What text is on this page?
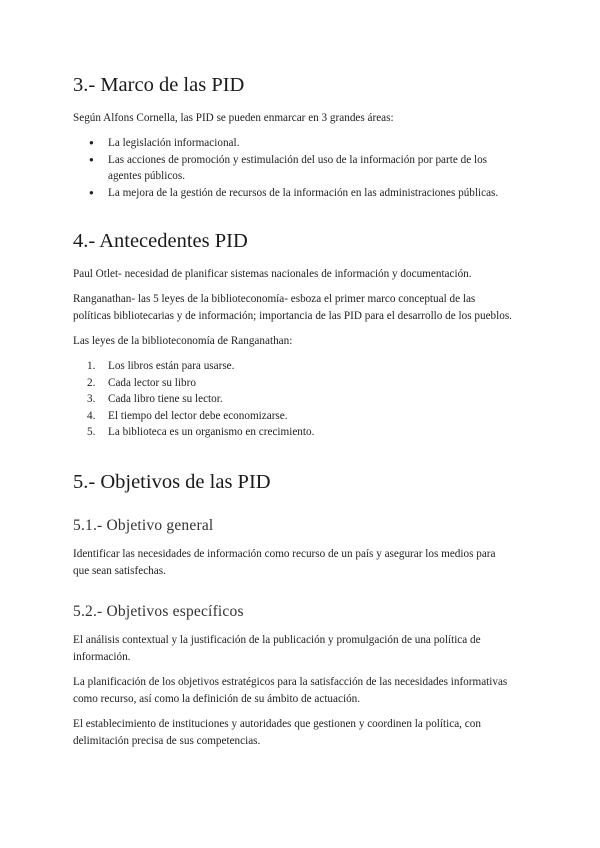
3.- Marco de las PID

Según Alfons Cornella, las PID se pueden enmarcar en 3 grandes áreas:

● La legislación informacional.
● Las acciones de promoción y estimulación del uso de la información por parte de los agentes públicos.
● La mejora de la gestión de recursos de la información en las administraciones públicas.
4.- Antecedentes PID

Paul Otlet- necesidad de planificar sistemas nacionales de información y documentación.

Ranganathan- las 5 leyes de la biblioteconomía- esboza el primer marco conceptual de las políticas bibliotecarias y de información; importancia de las PID para el desarrollo de los pueblos.

Las leyes de la biblioteconomía de Ranganathan:

1. Los libros están para usarse.
2. Cada lector su libro
3. Cada libro tiene su lector.
4. El tiempo del lector debe economizarse.
5. La biblioteca es un organismo en crecimiento.
5.- Objetivos de las PID
5.1.- Objetivo general

Identificar las necesidades de información como recurso de un país y asegurar los medios para que sean satisfechas.

5.2.- Objetivos específicos

El análisis contextual y la justificación de la publicación y promulgación de una política de información.

La planificación de los objetivos estratégicos para la satisfacción de las necesidades informativas como recurso, así como la definición de su ámbito de actuación.

El establecimiento de instituciones y autoridades que gestionen y coordinen la política, con delimitación precisa de sus competencias.
